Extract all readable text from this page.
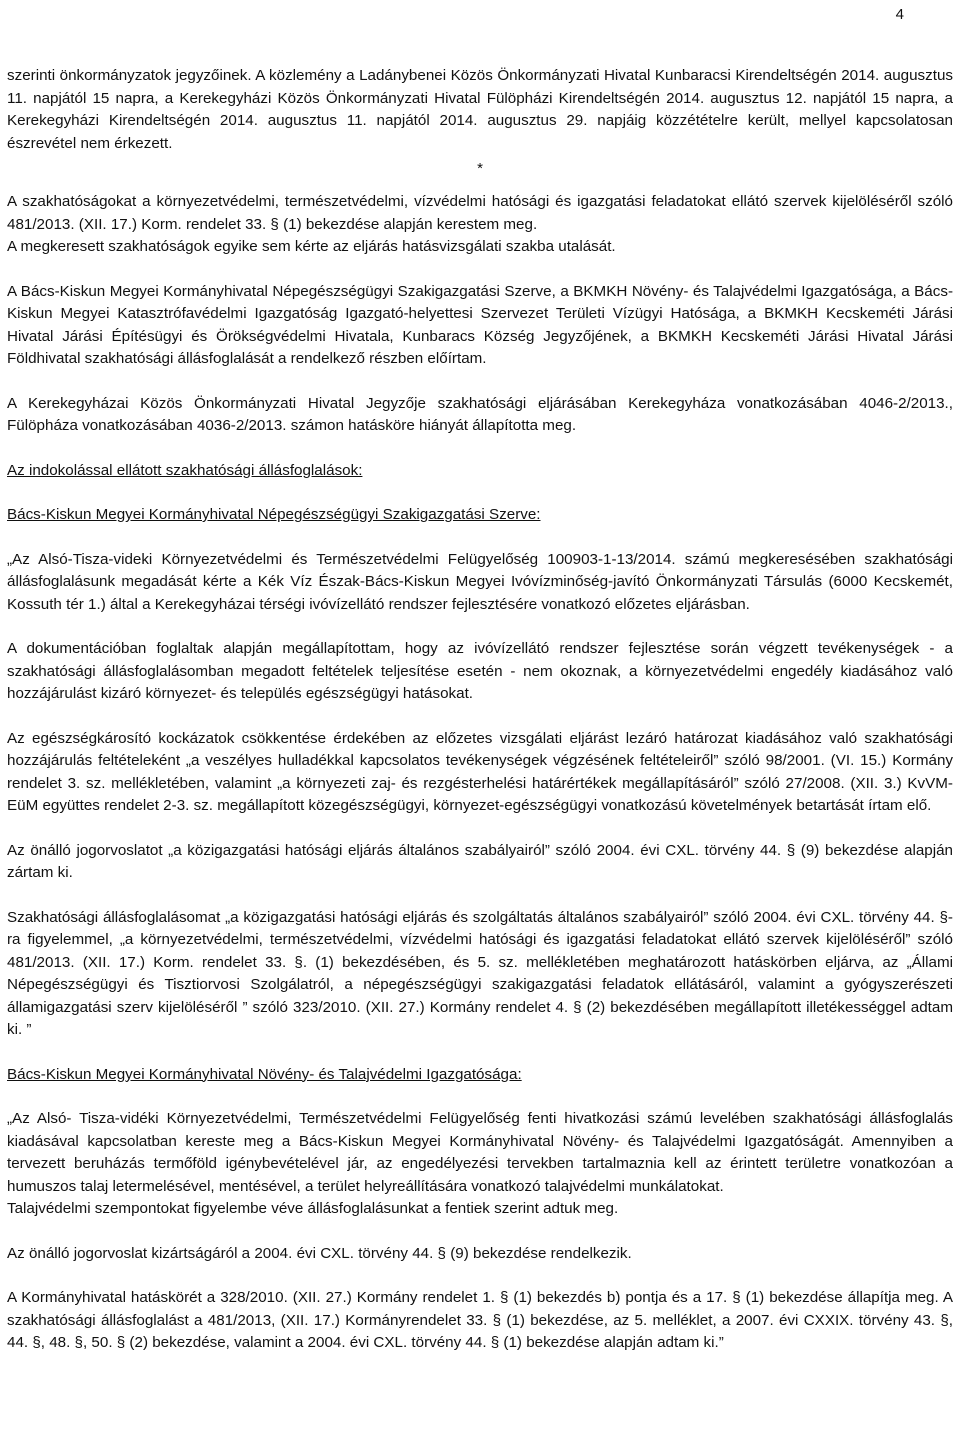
4

szerinti önkormányzatok jegyzőinek. A közlemény a Ladánybenei Közös Önkormányzati Hivatal Kunbaracsi Kirendeltségén 2014. augusztus 11. napjától 15 napra, a Kerekegyházi Közös Önkormányzati Hivatal Fülöpházi Kirendeltségén 2014. augusztus 12. napjától 15 napra, a Kerekegyházi Kirendeltségén 2014. augusztus 11. napjától 2014. augusztus 29. napjáig közzétételre került, mellyel kapcsolatosan észrevétel nem érkezett.

*

A szakhatóságokat a környezetvédelmi, természetvédelmi, vízvédelmi hatósági és igazgatási feladatokat ellátó szervek kijelöléséről szóló 481/2013. (XII. 17.) Korm. rendelet 33. § (1) bekezdése alapján kerestem meg.

A megkeresett szakhatóságok egyike sem kérte az eljárás hatásvizsgálati szakba utalását.

A Bács-Kiskun Megyei Kormányhivatal Népegészségügyi Szakigazgatási Szerve, a BKMKH Növény- és Talajvédelmi Igazgatósága, a Bács-Kiskun Megyei Katasztrófavédelmi Igazgatóság Igazgató-helyettesi Szervezet Területi Vízügyi Hatósága, a BKMKH Kecskeméti Járási Hivatal Járási Építésügyi és Örökségvédelmi Hivatala, Kunbaracs Község Jegyzőjének, a BKMKH Kecskeméti Járási Hivatal Járási Földhivatal szakhatósági állásfoglalását a rendelkező részben előírtam.

A Kerekegyházai Közös Önkormányzati Hivatal Jegyzője szakhatósági eljárásában Kerekegyháza vonatkozásában 4046-2/2013., Fülöpháza vonatkozásában 4036-2/2013. számon hatásköre hiányát állapította meg.

Az indokolással ellátott szakhatósági állásfoglalások:

Bács-Kiskun Megyei Kormányhivatal Népegészségügyi Szakigazgatási Szerve:

„Az Alsó-Tisza-videki Környezetvédelmi és Természetvédelmi Felügyelőség 100903-1-13/2014. számú megkeresésében szakhatósági állásfoglalásunk megadását kérte a Kék Víz Észak-Bács-Kiskun Megyei Ivóvízminőség-javító Önkormányzati Társulás (6000 Kecskemét, Kossuth tér 1.) által a Kerekegyházai térségi ivóvízellátó rendszer fejlesztésére vonatkozó előzetes eljárásban.

A dokumentációban foglaltak alapján megállapítottam, hogy az ivóvízellátó rendszer fejlesztése során végzett tevékenységek - a szakhatósági állásfoglalásomban megadott feltételek teljesítése esetén - nem okoznak, a környezetvédelmi engedély kiadásához való hozzájárulást kizáró környezet- és település egészségügyi hatásokat.

Az egészségkárosító kockázatok csökkentése érdekében az előzetes vizsgálati eljárást lezáró határozat kiadásához való szakhatósági hozzájárulás feltételeként „a veszélyes hulladékkal kapcsolatos tevékenységek végzésének feltételeiről” szóló 98/2001. (VI. 15.) Kormány rendelet 3. sz. mellékletében, valamint „a környezeti zaj- és rezgésterhelési határértékek megállapításáról” szóló 27/2008. (XII. 3.) KvVM-EüM együttes rendelet 2-3. sz. megállapított közegészségügyi, környezet-egészségügyi vonatkozású követelmények betartását írtam elő.

Az önálló jogorvoslatot „a közigazgatási hatósági eljárás általános szabályairól” szóló 2004. évi CXL. törvény 44. § (9) bekezdése alapján zártam ki.

Szakhatósági állásfoglalásomat „a közigazgatási hatósági eljárás és szolgáltatás általános szabályairól” szóló 2004. évi CXL. törvény 44. §- ra figyelemmel, „a környezetvédelmi, természetvédelmi, vízvédelmi hatósági és igazgatási feladatokat ellátó szervek kijelöléséről” szóló 481/2013. (XII. 17.) Korm. rendelet 33. §. (1) bekezdésében, és 5. sz. mellékletében meghatározott hatáskörben eljárva, az „Állami Népegészségügyi és Tisztiorvosi Szolgálatról, a népegészségügyi szakigazgatási feladatok ellátásáról, valamint a gyógyszerészeti államigazgatási szerv kijelöléséről ” szóló 323/2010. (XII. 27.) Kormány rendelet 4. § (2) bekezdésében megállapított illetékességgel adtam ki. ”

Bács-Kiskun Megyei Kormányhivatal Növény- és Talajvédelmi Igazgatósága:

„Az Alsó- Tisza-vidéki Környezetvédelmi, Természetvédelmi Felügyelőség fenti hivatkozási számú levelében szakhatósági állásfoglalás kiadásával kapcsolatban kereste meg a Bács-Kiskun Megyei Kormányhivatal Növény- és Talajvédelmi Igazgatóságát. Amennyiben a tervezett beruházás termőföld igénybevételével jár, az engedélyezési tervekben tartalmaznia kell az érintett területre vonatkozóan a humuszos talaj letermelésével, mentésével, a terület helyreállítására vonatkozó talajvédelmi munkálatokat.

Talajvédelmi szempontokat figyelembe véve állásfoglalásunkat a fentiek szerint adtuk meg.

Az önálló jogorvoslat kizártságáról a 2004. évi CXL. törvény 44. § (9) bekezdése rendelkezik.

A Kormányhivatal hatáskörét a 328/2010. (XII. 27.) Kormány rendelet 1. § (1) bekezdés b) pontja és a 17. § (1) bekezdése állapítja meg. A szakhatósági állásfoglalást a 481/2013, (XII. 17.) Kormányrendelet 33. § (1) bekezdése, az 5. melléklet, a 2007. évi CXXIX. törvény 43. §, 44. §, 48. §, 50. § (2) bekezdése, valamint a 2004. évi CXL. törvény 44. § (1) bekezdése alapján adtam ki.”
